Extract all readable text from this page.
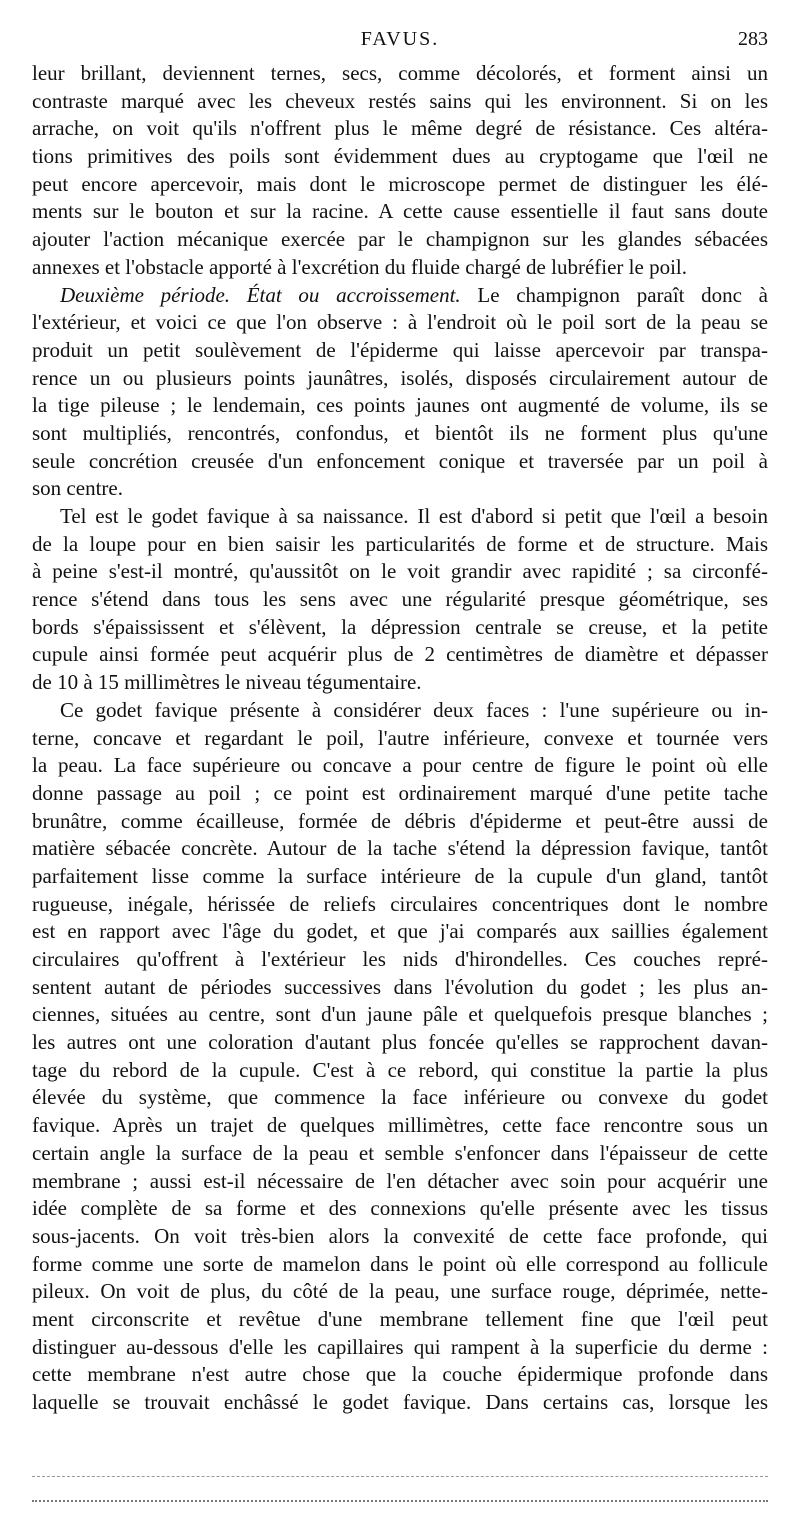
FAVUS.	283
leur brillant, deviennent ternes, secs, comme décolorés, et forment ainsi un
contraste marqué avec les cheveux restés sains qui les environnent. Si on les
arrache, on voit qu'ils n'offrent plus le même degré de résistance. Ces altéra-
tions primitives des poils sont évidemment dues au cryptogame que l'œil ne
peut encore apercevoir, mais dont le microscope permet de distinguer les élé-
ments sur le bouton et sur la racine. A cette cause essentielle il faut sans doute
ajouter l'action mécanique exercée par le champignon sur les glandes sébacées
annexes et l'obstacle apporté à l'excrétion du fluide chargé de lubréfier le poil.
Deuxième période. État ou accroissement. Le champignon paraît donc à
l'extérieur, et voici ce que l'on observe : à l'endroit où le poil sort de la peau se
produit un petit soulèvement de l'épiderme qui laisse apercevoir par transpa-
rence un ou plusieurs points jaunâtres, isolés, disposés circulairement autour de
la tige pileuse ; le lendemain, ces points jaunes ont augmenté de volume, ils se
sont multipliés, rencontrés, confondus, et bientôt ils ne forment plus qu'une
seule concrétion creusée d'un enfoncement conique et traversée par un poil à
son centre.
Tel est le godet favique à sa naissance. Il est d'abord si petit que l'œil a besoin
de la loupe pour en bien saisir les particularités de forme et de structure. Mais
à peine s'est-il montré, qu'aussitôt on le voit grandir avec rapidité ; sa circonfé-
rence s'étend dans tous les sens avec une régularité presque géométrique, ses
bords s'épaississent et s'élèvent, la dépression centrale se creuse, et la petite
cupule ainsi formée peut acquérir plus de 2 centimètres de diamètre et dépasser
de 10 à 15 millimètres le niveau tégumentaire.
Ce godet favique présente à considérer deux faces : l'une supérieure ou in-
terne, concave et regardant le poil, l'autre inférieure, convexe et tournée vers
la peau. La face supérieure ou concave a pour centre de figure le point où elle
donne passage au poil ; ce point est ordinairement marqué d'une petite tache
brunâtre, comme écailleuse, formée de débris d'épiderme et peut-être aussi de
matière sébacée concrète. Autour de la tache s'étend la dépression favique, tantôt
parfaitement lisse comme la surface intérieure de la cupule d'un gland, tantôt
rugueuse, inégale, hérissée de reliefs circulaires concentriques dont le nombre
est en rapport avec l'âge du godet, et que j'ai comparés aux saillies également
circulaires qu'offrent à l'extérieur les nids d'hirondelles. Ces couches repré-
sentent autant de périodes successives dans l'évolution du godet ; les plus an-
ciennes, situées au centre, sont d'un jaune pâle et quelquefois presque blanches ;
les autres ont une coloration d'autant plus foncée qu'elles se rapprochent davan-
tage du rebord de la cupule. C'est à ce rebord, qui constitue la partie la plus
élevée du système, que commence la face inférieure ou convexe du godet
favique. Après un trajet de quelques millimètres, cette face rencontre sous un
certain angle la surface de la peau et semble s'enfoncer dans l'épaisseur de cette
membrane ; aussi est-il nécessaire de l'en détacher avec soin pour acquérir une
idée complète de sa forme et des connexions qu'elle présente avec les tissus
sous-jacents. On voit très-bien alors la convexité de cette face profonde, qui
forme comme une sorte de mamelon dans le point où elle correspond au follicule
pileux. On voit de plus, du côté de la peau, une surface rouge, déprimée, nette-
ment circonscrite et revêtue d'une membrane tellement fine que l'œil peut
distinguer au-dessous d'elle les capillaires qui rampent à la superficie du derme :
cette membrane n'est autre chose que la couche épidermique profonde dans
laquelle se trouvait enchâssé le godet favique. Dans certains cas, lorsque les
